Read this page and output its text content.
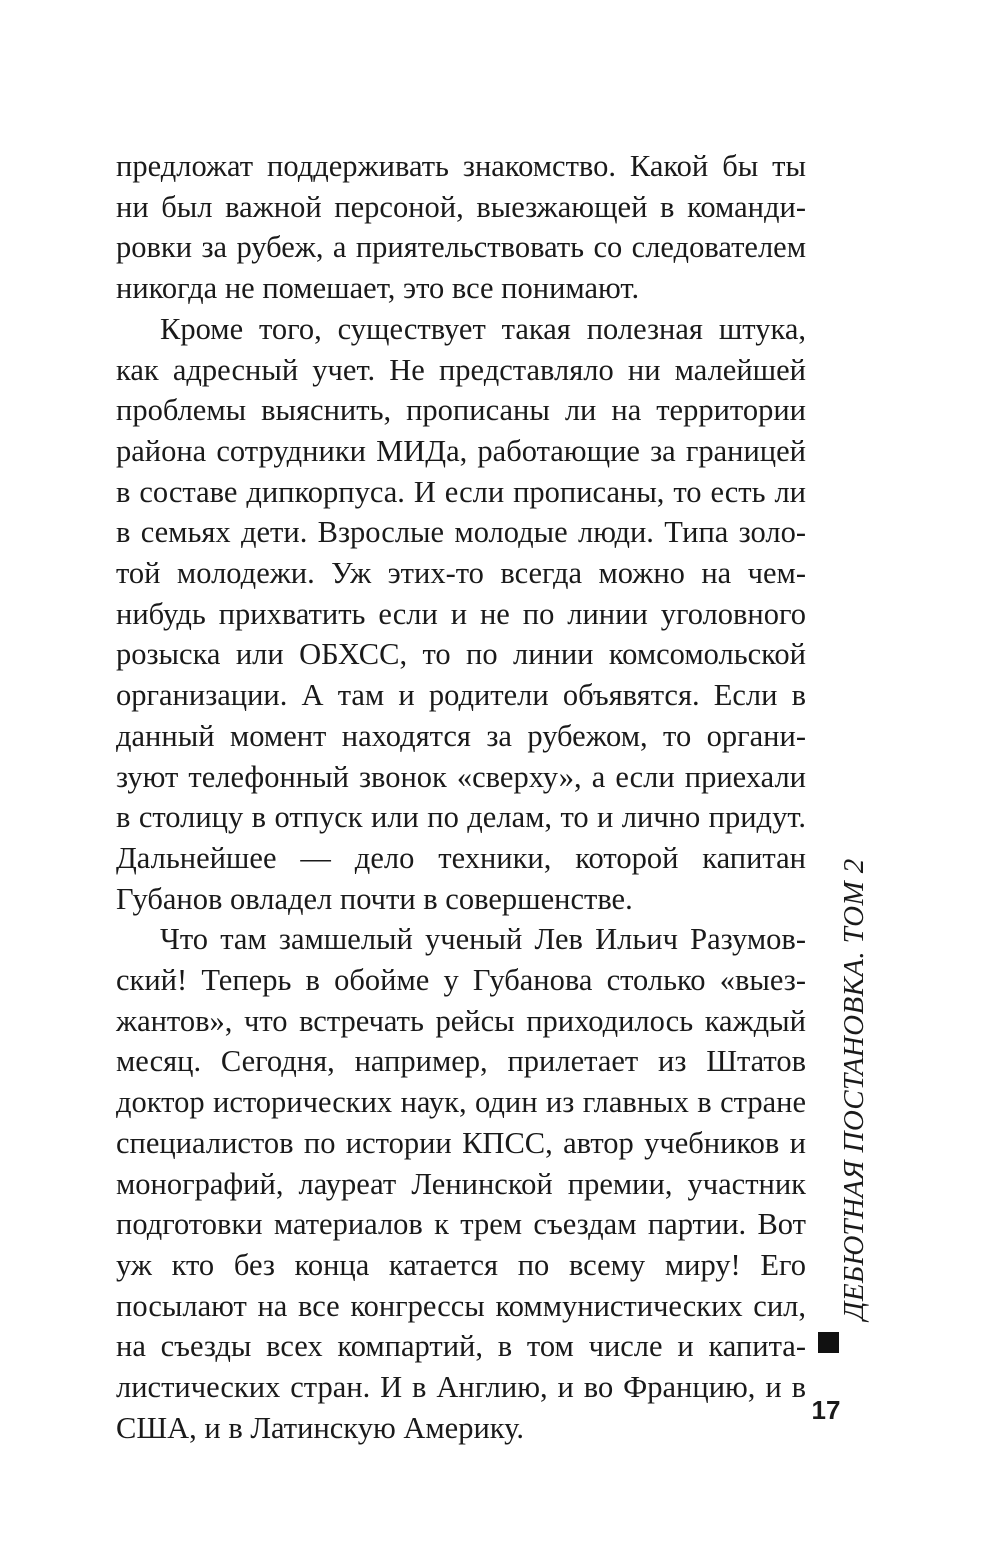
предложат поддерживать знакомство. Какой бы ты ни был важной персоной, выезжающей в командировки за рубеж, а приятельствовать со следователем никогда не помешает, это все понимают.

Кроме того, существует такая полезная штука, как адресный учет. Не представляло ни малейшей проблемы выяснить, прописаны ли на территории района сотрудники МИДа, работающие за границей в составе дипкорпуса. И если прописаны, то есть ли в семьях дети. Взрослые молодые люди. Типа золотой молодежи. Уж этих-то всегда можно на чем-нибудь прихватить если и не по линии уголовного розыска или ОБХСС, то по линии комсомольской организации. А там и родители объявятся. Если в данный момент находятся за рубежом, то организуют телефонный звонок «сверху», а если приехали в столицу в отпуск или по делам, то и лично придут. Дальнейшее — дело техники, которой капитан Губанов овладел почти в совершенстве.

Что там замшелый ученый Лев Ильич Разумовский! Теперь в обойме у Губанова столько «выезжантов», что встречать рейсы приходилось каждый месяц. Сегодня, например, прилетает из Штатов доктор исторических наук, один из главных в стране специалистов по истории КПСС, автор учебников и монографий, лауреат Ленинской премии, участник подготовки материалов к трем съездам партии. Вот уж кто без конца катается по всему миру! Его посылают на все конгрессы коммунистических сил, на съезды всех компартий, в том числе и капиталистических стран. И в Англию, и во Францию, и в США, и в Латинскую Америку.

ДЕБЮТНАЯ ПОСТАНОВКА. ТОМ 2
17
